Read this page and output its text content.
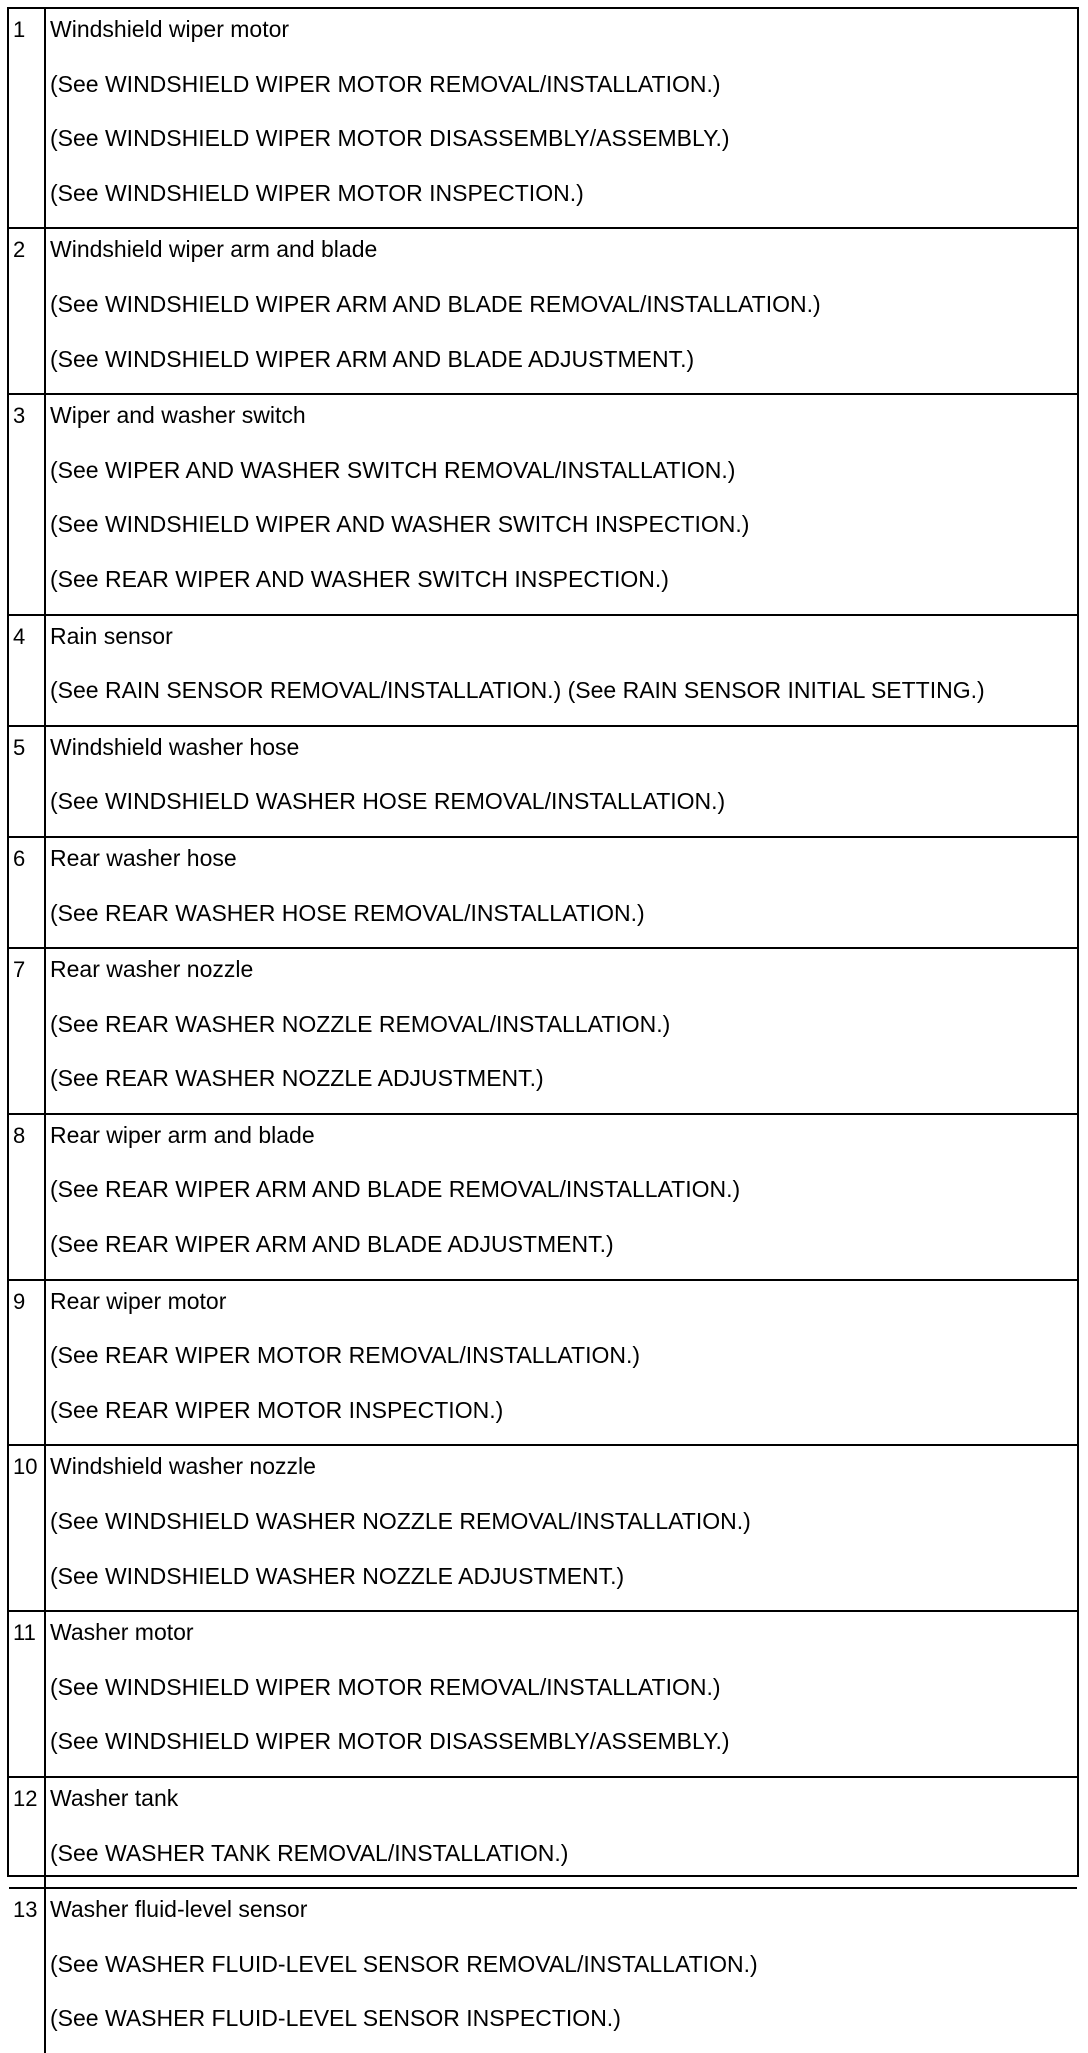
1	Windshield wiper motor
(See WINDSHIELD WIPER MOTOR REMOVAL/INSTALLATION.)
(See WINDSHIELD WIPER MOTOR DISASSEMBLY/ASSEMBLY.)
(See WINDSHIELD WIPER MOTOR INSPECTION.)
2	Windshield wiper arm and blade
(See WINDSHIELD WIPER ARM AND BLADE REMOVAL/INSTALLATION.)
(See WINDSHIELD WIPER ARM AND BLADE ADJUSTMENT.)
3	Wiper and washer switch
(See WIPER AND WASHER SWITCH REMOVAL/INSTALLATION.)
(See WINDSHIELD WIPER AND WASHER SWITCH INSPECTION.)
(See REAR WIPER AND WASHER SWITCH INSPECTION.)
4	Rain sensor
(See RAIN SENSOR REMOVAL/INSTALLATION.) (See RAIN SENSOR INITIAL SETTING.)
5	Windshield washer hose
(See WINDSHIELD WASHER HOSE REMOVAL/INSTALLATION.)
6	Rear washer hose
(See REAR WASHER HOSE REMOVAL/INSTALLATION.)
7	Rear washer nozzle
(See REAR WASHER NOZZLE REMOVAL/INSTALLATION.)
(See REAR WASHER NOZZLE ADJUSTMENT.)
8	Rear wiper arm and blade
(See REAR WIPER ARM AND BLADE REMOVAL/INSTALLATION.)
(See REAR WIPER ARM AND BLADE ADJUSTMENT.)
9	Rear wiper motor
(See REAR WIPER MOTOR REMOVAL/INSTALLATION.)
(See REAR WIPER MOTOR INSPECTION.)
10 Windshield washer nozzle
(See WINDSHIELD WASHER NOZZLE REMOVAL/INSTALLATION.)
(See WINDSHIELD WASHER NOZZLE ADJUSTMENT.)
11 Washer motor
(See WINDSHIELD WIPER MOTOR REMOVAL/INSTALLATION.)
(See WINDSHIELD WIPER MOTOR DISASSEMBLY/ASSEMBLY.)
12 Washer tank
(See WASHER TANK REMOVAL/INSTALLATION.)
13 Washer fluid-level sensor
(See WASHER FLUID-LEVEL SENSOR REMOVAL/INSTALLATION.)
(See WASHER FLUID-LEVEL SENSOR INSPECTION.)
